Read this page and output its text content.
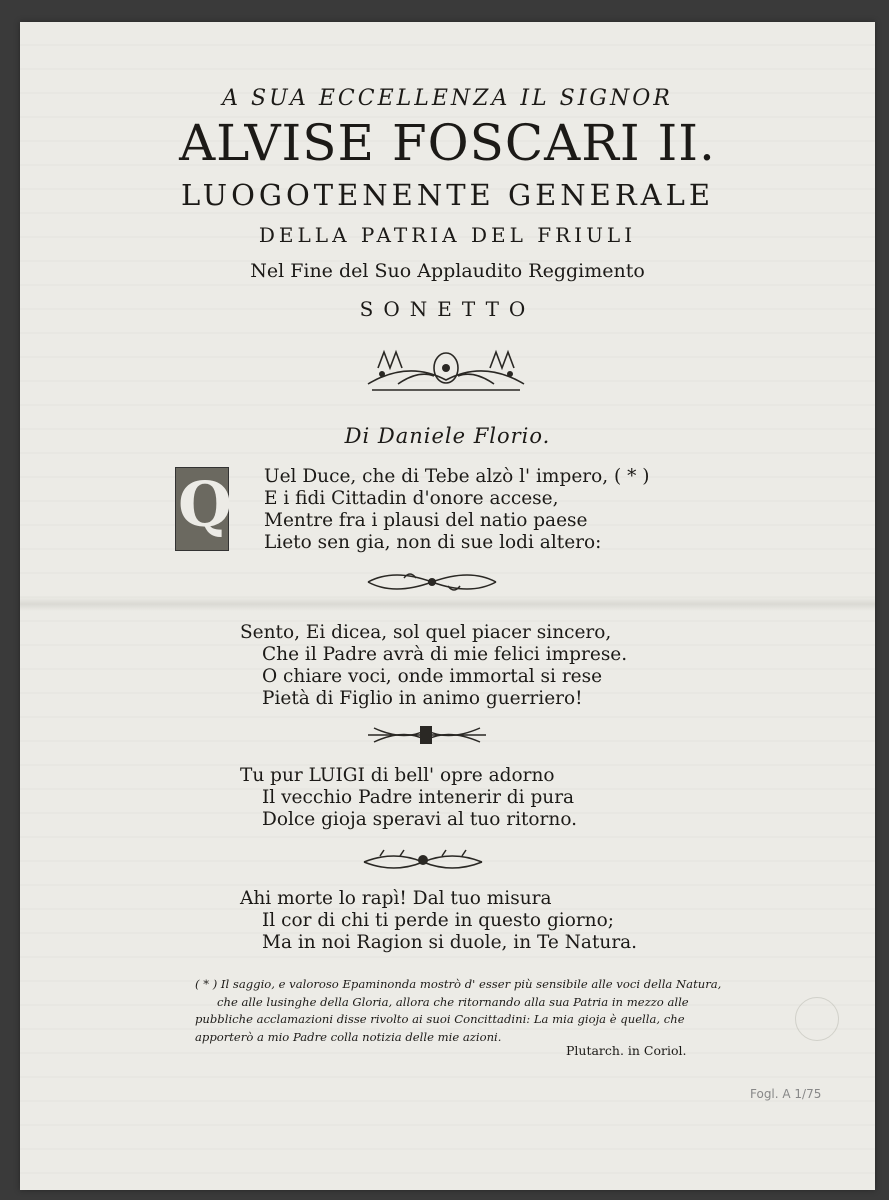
A SUA ECCELLENZA IL SIGNOR
ALVISE FOSCARI II.
LUOGOTENENTE GENERALE
DELLA PATRIA DEL FRIULI
Nel Fine del Suo Applaudito Reggimento
SONETTO
Di Daniele Florio.
Q Uel Duce, che di Tebe alzò l' impero, ( * )
E i fidi Cittadin d'onore accese,
Mentre fra i plausi del natio paese
Lieto sen gia, non di sue lodi altero:
Sento, Ei dicea, sol quel piacer sincero,
Che il Padre avrà di mie felici imprese.
O chiare voci, onde immortal si rese
Pietà di Figlio in animo guerriero!
Tu pur LUIGI di bell' opre adorno
Il vecchio Padre intenerir di pura
Dolce gioja speravi al tuo ritorno.
Ahi morte lo rapì! Dal tuo misura
Il cor di chi ti perde in questo giorno;
Ma in noi Ragion si duole, in Te Natura.
( * ) Il saggio, e valoroso Epaminonda mostrò d' esser più sensibile alle voci della Natura,
che alle lusinghe della Gloria, allora che ritornando alla sua Patria in mezzo alle
pubbliche acclamazioni disse rivolto ai suoi Concittadini: La mia gioja è quella, che
apporterò a mio Padre colla notizia delle mie azioni.
Plutarch. in Coriol.
Fogl. A 1/75
